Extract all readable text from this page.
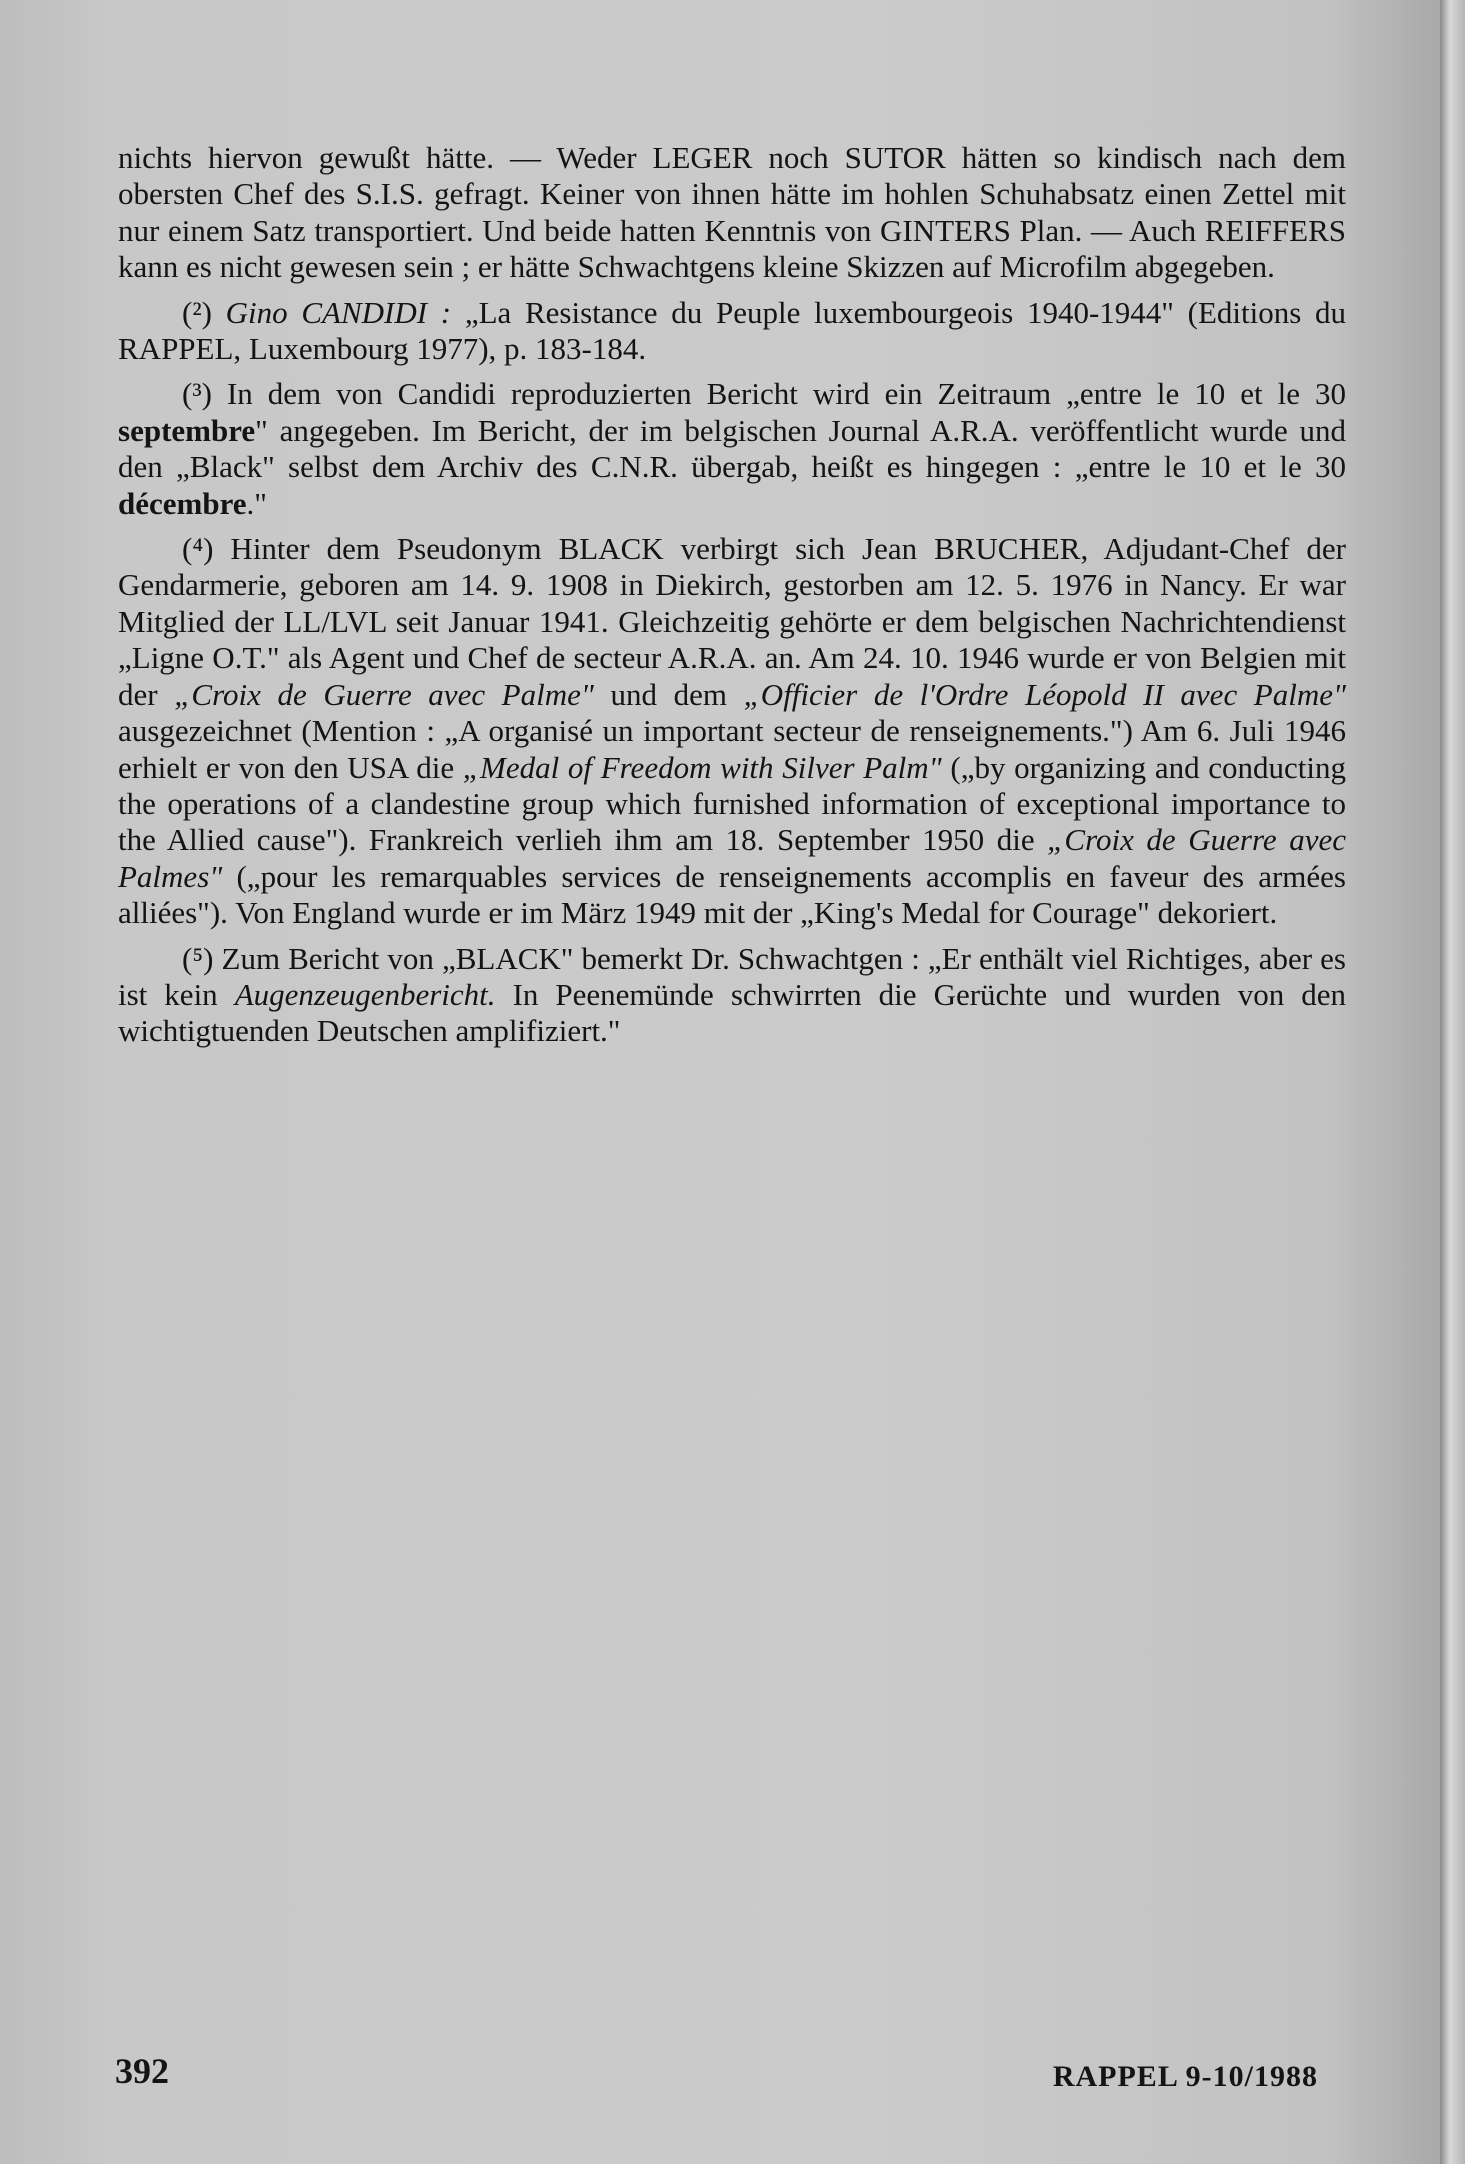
nichts hiervon gewußt hätte. — Weder LEGER noch SUTOR hätten so kindisch nach dem obersten Chef des S.I.S. gefragt. Keiner von ihnen hätte im hohlen Schuhabsatz einen Zettel mit nur einem Satz transportiert. Und beide hatten Kenntnis von GINTERS Plan. — Auch REIFFERS kann es nicht gewesen sein ; er hätte Schwachtgens kleine Skizzen auf Microfilm abgegeben.

(²) Gino CANDIDI : „La Resistance du Peuple luxembourgeois 1940-1944" (Editions du RAPPEL, Luxembourg 1977), p. 183-184.

(³) In dem von Candidi reproduzierten Bericht wird ein Zeitraum „entre le 10 et le 30 septembre" angegeben. Im Bericht, der im belgischen Journal A.R.A. veröffentlicht wurde und den „Black" selbst dem Archiv des C.N.R. übergab, heißt es hingegen : „entre le 10 et le 30 décembre."

(⁴) Hinter dem Pseudonym BLACK verbirgt sich Jean BRUCHER, Adjudant-Chef der Gendarmerie, geboren am 14. 9. 1908 in Diekirch, gestorben am 12. 5. 1976 in Nancy. Er war Mitglied der LL/LVL seit Januar 1941. Gleichzeitig gehörte er dem belgischen Nachrichtendienst „Ligne O.T." als Agent und Chef de secteur A.R.A. an. Am 24. 10. 1946 wurde er von Belgien mit der „Croix de Guerre avec Palme" und dem „Officier de l'Ordre Léopold II avec Palme" ausgezeichnet (Mention : „A organisé un important secteur de renseignements.") Am 6. Juli 1946 erhielt er von den USA die „Medal of Freedom with Silver Palm" („by organizing and conducting the operations of a clandestine group which furnished information of exceptional importance to the Allied cause"). Frankreich verlieh ihm am 18. September 1950 die „Croix de Guerre avec Palmes" („pour les remarquables services de renseignements accomplis en faveur des armées alliées"). Von England wurde er im März 1949 mit der „King's Medal for Courage" dekoriert.

(⁵) Zum Bericht von „BLACK" bemerkt Dr. Schwachtgen : „Er enthält viel Richtiges, aber es ist kein Augenzeugenbericht. In Peenemünde schwirrten die Gerüchte und wurden von den wichtigtuenden Deutschen amplifiziert."

392	RAPPEL 9-10/1988
